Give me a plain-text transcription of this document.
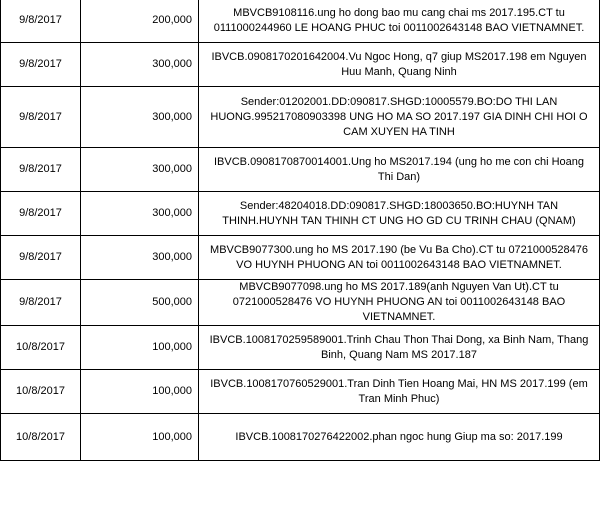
9/8/2017	200,000	MBVCB9108116.ung ho dong bao mu cang chai ms 2017.195.CT tu 0111000244960 LE HOANG PHUC toi 0011002643148 BAO VIETNAMNET.
9/8/2017	300,000	IBVCB.0908170201642004.Vu Ngoc Hong, q7 giup MS2017.198 em Nguyen Huu Manh, Quang Ninh
9/8/2017	300,000	Sender:01202001.DD:090817.SHGD:10005579.BO:DO THI LAN HUONG.995217080903398 UNG HO MA SO 2017.197 GIA DINH CHI HOI O CAM XUYEN HA TINH
9/8/2017	300,000	IBVCB.0908170870014001.Ung ho MS2017.194 (ung ho me con chi Hoang Thi Dan)
9/8/2017	300,000	Sender:48204018.DD:090817.SHGD:18003650.BO:HUYNH TAN THINH.HUYNH TAN THINH CT UNG HO GD CU TRINH CHAU (QNAM)
9/8/2017	300,000	MBVCB9077300.ung ho MS 2017.190 (be Vu Ba Cho).CT tu 0721000528476 VO HUYNH PHUONG AN toi 0011002643148 BAO VIETNAMNET.
9/8/2017	500,000	MBVCB9077098.ung ho MS 2017.189(anh Nguyen Van Ut).CT tu 0721000528476 VO HUYNH PHUONG AN toi 0011002643148 BAO VIETNAMNET.
10/8/2017	100,000	IBVCB.1008170259589001.Trinh Chau Thon Thai Dong, xa Binh Nam, Thang Binh, Quang Nam MS 2017.187
10/8/2017	100,000	IBVCB.1008170760529001.Tran Dinh Tien Hoang Mai, HN MS 2017.199 (em Tran Minh Phuc)
10/8/2017	100,000	IBVCB.1008170276422002.phan ngoc hung Giup ma so: 2017.199
